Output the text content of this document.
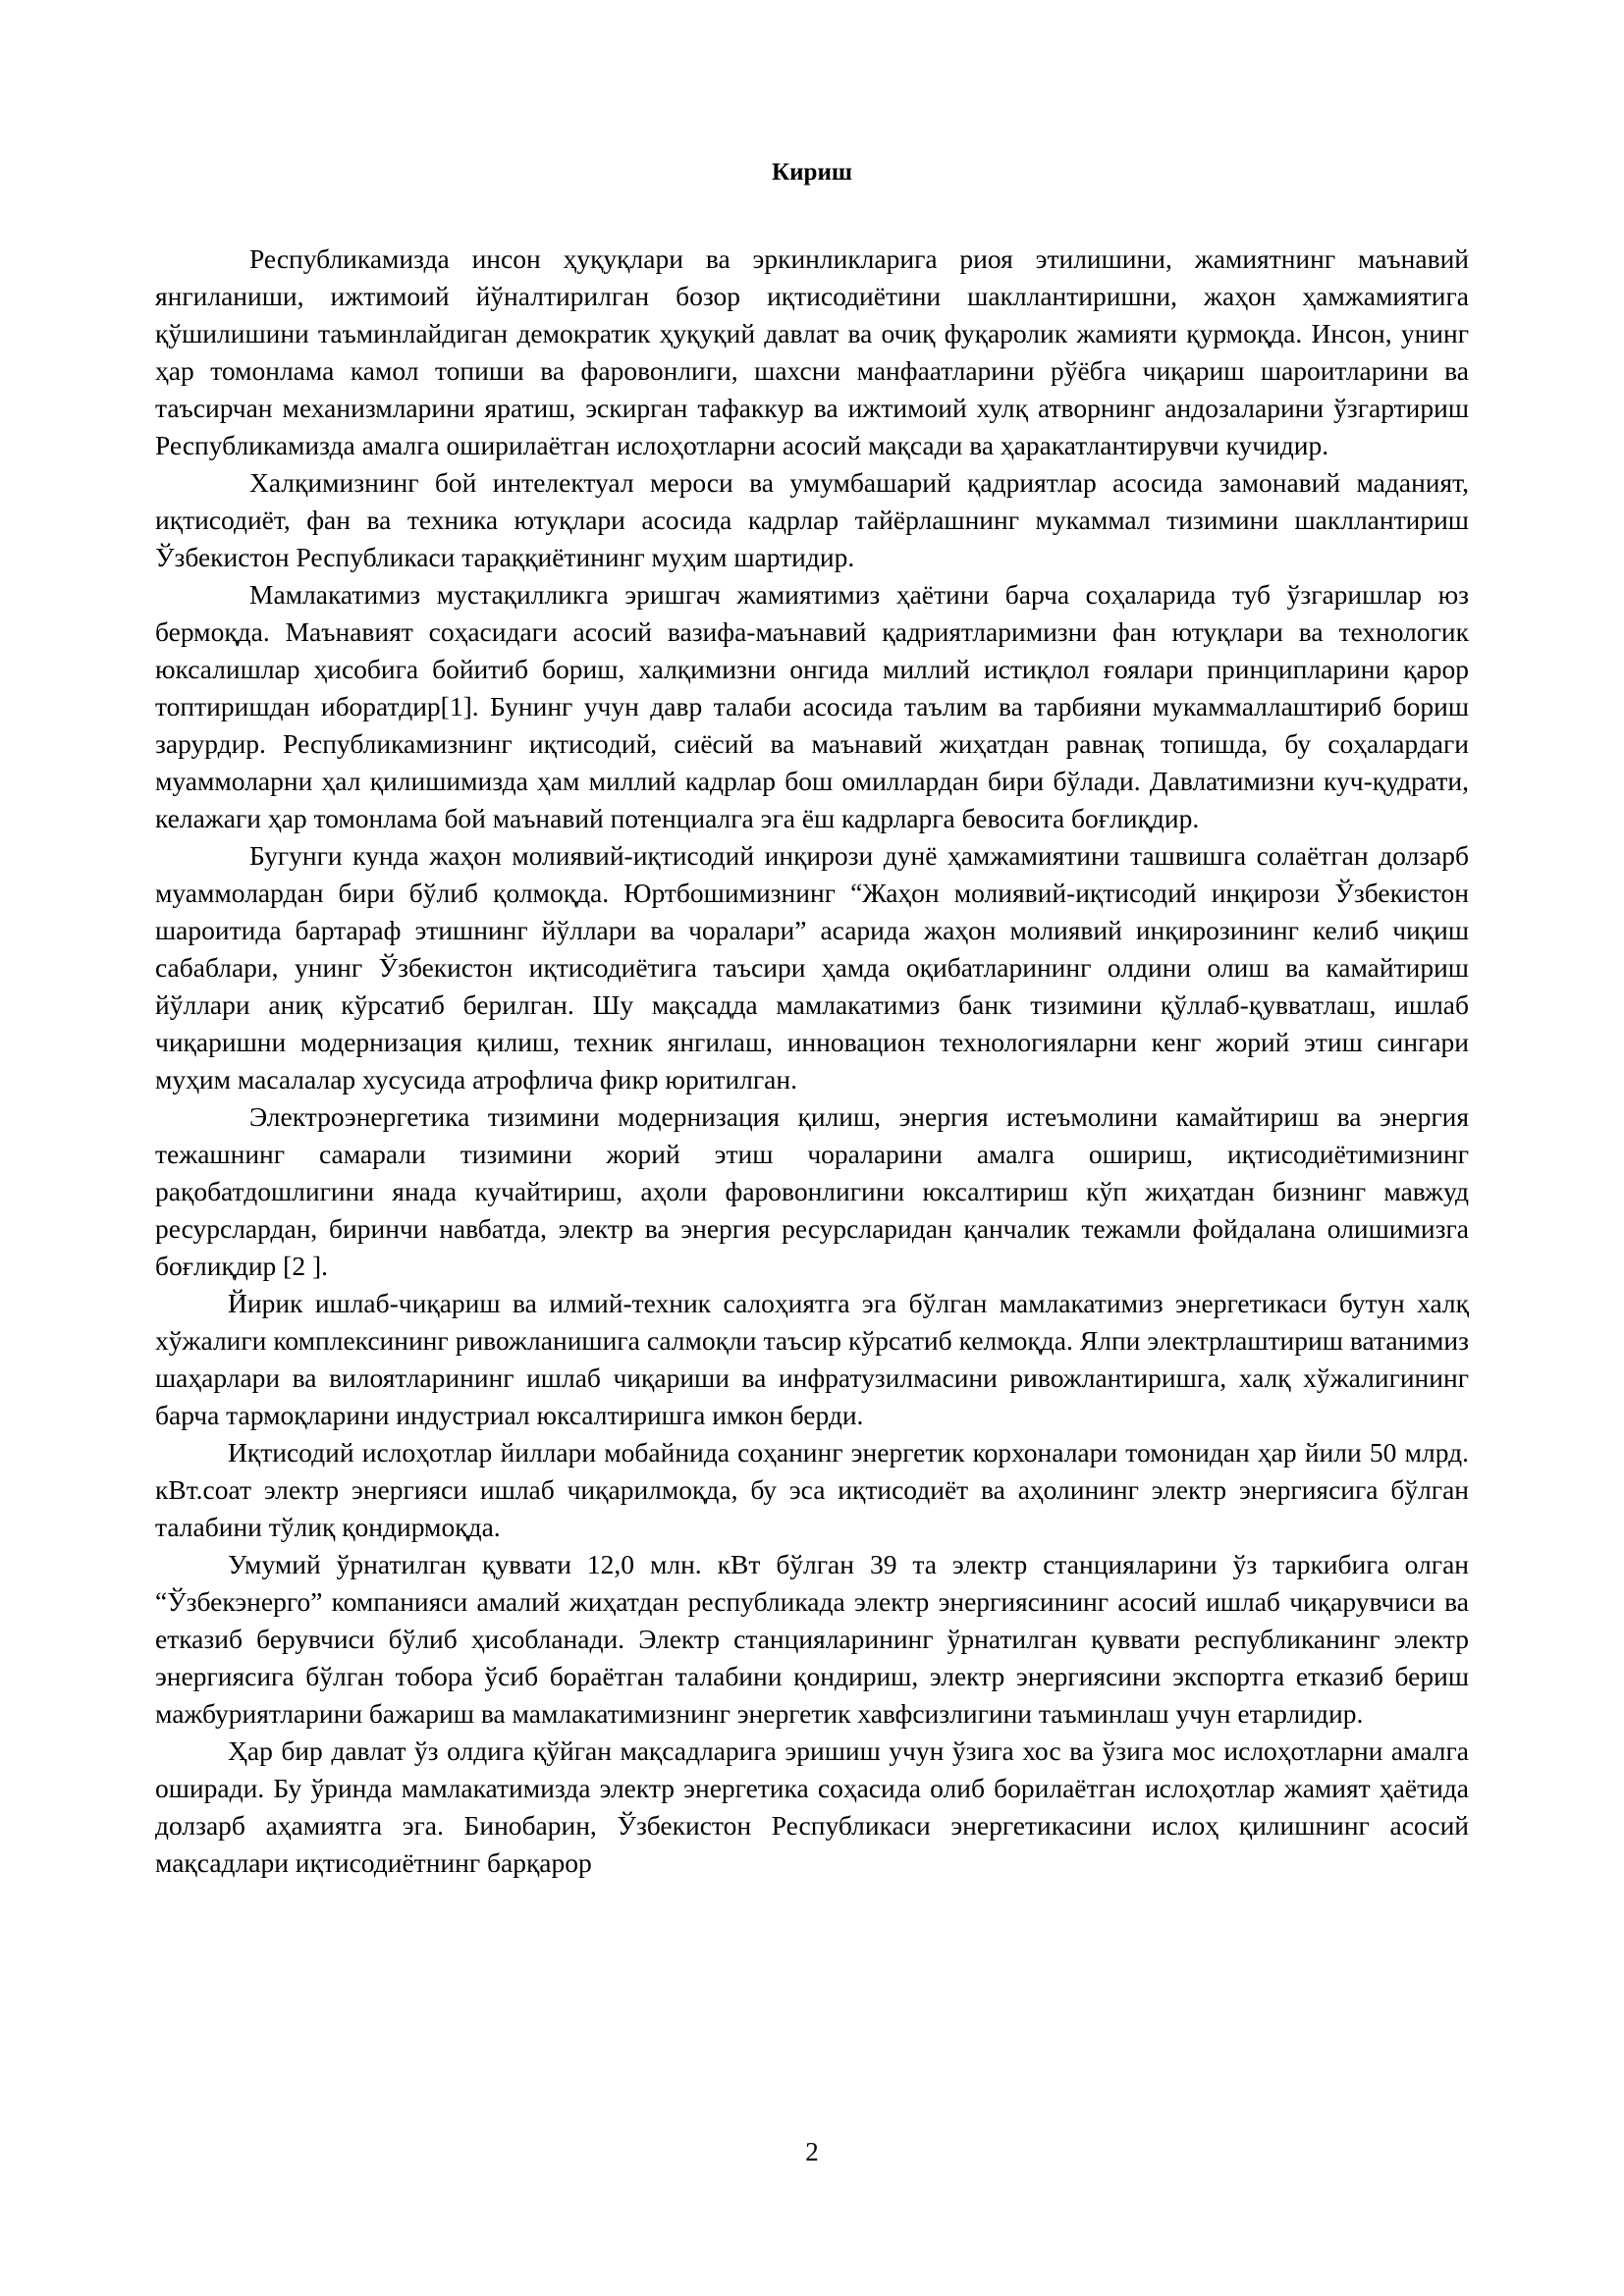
Кириш

Республикамизда инсон ҳуқуқлари ва эркинликларига риоя этилишини, жамиятнинг маънавий янгиланиши, ижтимоий йўналтирилган бозор иқтисодиётини шакллантиришни, жаҳон ҳамжамиятига қўшилишини таъминлайдиган демократик ҳуқуқий давлат ва очиқ фуқаролик жамияти қурмоқда. Инсон, унинг ҳар томонлама камол топиши ва фаровонлиги, шахсни манфаатларини рўёбга чиқариш шароитларини ва таъсирчан механизмларини яратиш, эскирган тафаккур ва ижтимоий хулқ атворнинг андозаларини ўзгартириш Республикамизда амалга оширилаётган ислоҳотларни асосий мақсади ва ҳаракатлантирувчи кучидир.

Халқимизнинг бой интелектуал мероси ва умумбашарий қадриятлар асосида замонавий маданият, иқтисодиёт, фан ва техника ютуқлари асосида кадрлар тайёрлашнинг мукаммал тизимини шакллантириш Ўзбекистон Республикаси тараққиётининг муҳим шартидир.

Мамлакатимиз мустақилликга эришгач жамиятимиз ҳаётини барча соҳаларида туб ўзгаришлар юз бермоқда. Маънавият соҳасидаги асосий вазифа-маънавий қадриятларимизни фан ютуқлари ва технологик юксалишлар ҳисобига бойитиб бориш, халқимизни онгида миллий истиқлол ғоялари принципларини қарор топтиришдан иборатдир[1]. Бунинг учун давр талаби асосида таълим ва тарбияни мукаммаллаштириб бориш зарурдир. Республикамизнинг иқтисодий, сиёсий ва маънавий жиҳатдан равнақ топишда, бу соҳалардаги муаммоларни ҳал қилишимизда ҳам миллий кадрлар бош омиллардан бири бўлади. Давлатимизни куч-қудрати, келажаги ҳар томонлама бой маънавий потенциалга эга ёш кадрларга бевосита боғлиқдир.

Бугунги кунда жаҳон молиявий-иқтисодий инқирози дунё ҳамжамиятини ташвишга солаётган долзарб муаммолардан бири бўлиб қолмоқда. Юртбошимизнинг “Жаҳон молиявий-иқтисодий инқирози Ўзбекистон шароитида бартараф этишнинг йўллари ва чоралари” асарида жаҳон молиявий инқирозининг келиб чиқиш сабаблари, унинг Ўзбекистон иқтисодиётига таъсири ҳамда оқибатларининг олдини олиш ва камайтириш йўллари аниқ кўрсатиб берилган. Шу мақсадда мамлакатимиз банк тизимини қўллаб-қувватлаш, ишлаб чиқаришни модернизация қилиш, техник янгилаш, инновацион технологияларни кенг жорий этиш сингари муҳим масалалар хусусида атрофлича фикр юритилган.

Электроэнергетика тизимини модернизация қилиш, энергия истеъмолини камайтириш ва энергия тежашнинг самарали тизимини жорий этиш чораларини амалга ошириш, иқтисодиётимизнинг рақобатдошлигини янада кучайтириш, аҳоли фаровонлигини юксалтириш кўп жиҳатдан бизнинг мавжуд ресурслардан, биринчи навбатда, электр ва энергия ресурсларидан қанчалик тежамли фойдалана олишимизга боғлиқдир [2 ].

Йирик ишлаб-чиқариш ва илмий-техник салоҳиятга эга бўлган мамлакатимиз энергетикаси бутун халқ хўжалиги комплексининг ривожланишига салмоқли таъсир кўрсатиб келмоқда. Ялпи электрлаштириш ватанимиз шаҳарлари ва вилоятларининг ишлаб чиқариши ва инфратузилмасини ривожлантиришга, халқ хўжалигининг барча тармоқларини индустриал юксалтиришга имкон берди.

Иқтисодий ислоҳотлар йиллари мобайнида соҳанинг энергетик корхоналари томонидан ҳар йили 50 млрд. кВт.соат электр энергияси ишлаб чиқарилмоқда, бу эса иқтисодиёт ва аҳолининг электр энергиясига бўлган талабини тўлиқ қондирмоқда.

Умумий ўрнатилган қуввати 12,0 млн. кВт бўлган 39 та электр станцияларини ўз таркибига олган “Ўзбекэнерго” компанияси амалий жиҳатдан республикада электр энергиясининг асосий ишлаб чиқарувчиси ва етказиб берувчиси бўлиб ҳисобланади. Электр станцияларининг ўрнатилган қуввати республиканинг электр энергиясига бўлган тобора ўсиб бораётган талабини қондириш, электр энергиясини экспортга етказиб бериш мажбуриятларини бажариш ва мамлакатимизнинг энергетик хавфсизлигини таъминлаш учун етарлидир.

Ҳар бир давлат ўз олдига қўйган мақсадларига эришиш учун ўзига хос ва ўзига мос ислоҳотларни амалга оширади. Бу ўринда мамлакатимизда электр энергетика соҳасида олиб борилаётган ислоҳотлар жамият ҳаётида долзарб аҳамиятга эга. Бинобарин, Ўзбекистон Республикаси энергетикасини ислоҳ қилишнинг асосий мақсадлари иқтисодиётнинг барқарор

2
